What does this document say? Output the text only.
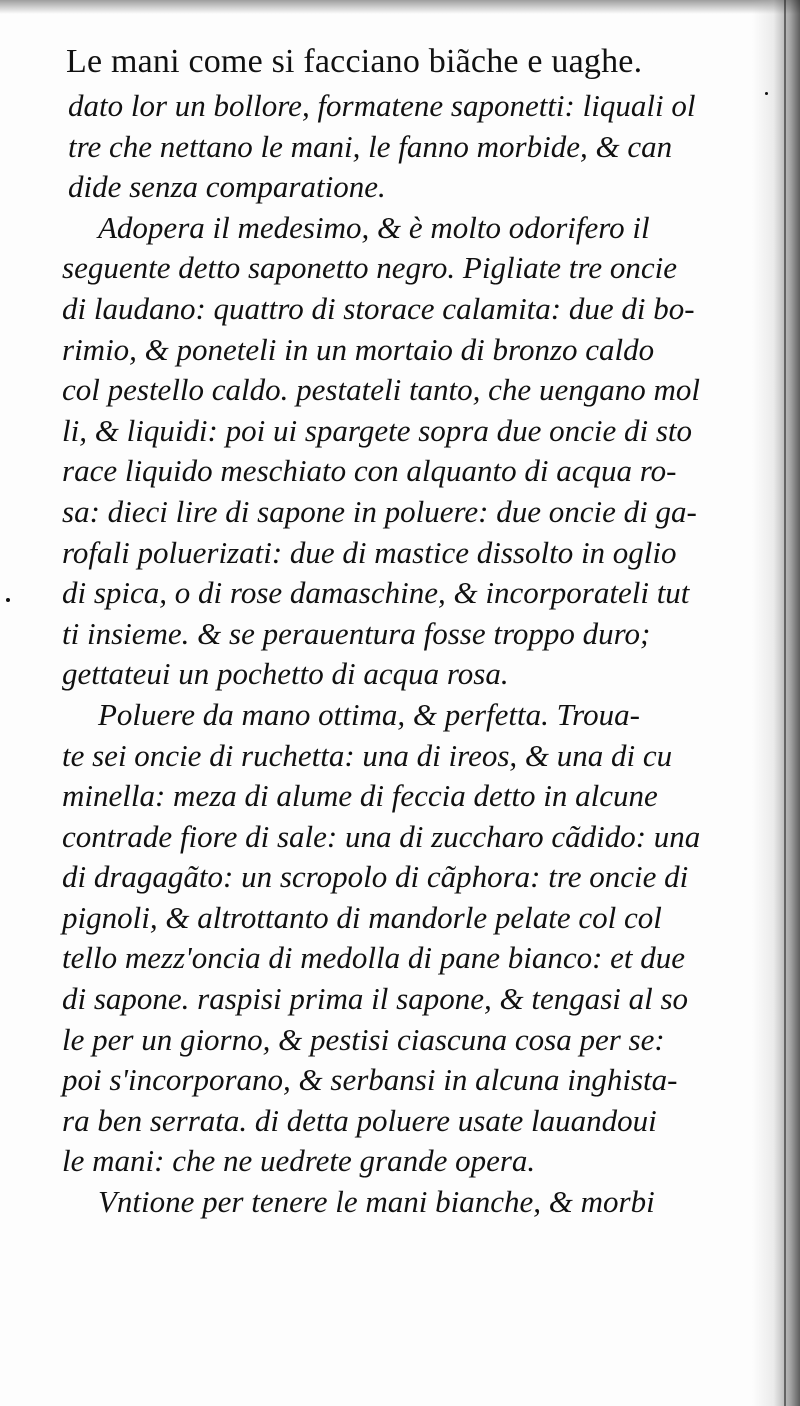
Le mani come si facciano biãche e uaghe.
dato lor un bollore, formatene saponetti: liquali ol
tre che nettano le mani, le fanno morbide, & can
dide senza comparatione.
Adopera il medesimo, & è molto odorifero il
seguente detto saponetto negro. Pigliate tre oncie
di laudano: quattro di storace calamita: due di bo-
rimio, & poneteli in un mortaio di bronzo caldo
col pestello caldo. pestateli tanto, che uengano mol
li, & liquidi: poi ui spargete sopra due oncie di sto
race liquido meschiato con alquanto di acqua ro-
sa: dieci lire di sapone in poluere: due oncie di ga-
rofali poluerizati: due di mastice dissolto in oglio
di spica, o di rose damaschine, & incorporateli tut
ti insieme. & se perauentura fosse troppo duro;
gettateui un pochetto di acqua rosa.
Poluere da mano ottima, & perfetta. Troua-
te sei oncie di ruchetta: una di ireos, & una di cu
minella: meza di alume di feccia detto in alcune
contrade fiore di sale: una di zucchаro cãdido: una
di dragagãto: un scropolo di cãphora: tre oncie di
pignoli, & altrottanto di mandorle pelate col col
tello mezz'oncia di medolla di pane bianco: et due
di sapone. raspisi prima il sapone, & tengasi al so
le per un giorno, & pestisi ciascuna cosa per se:
poi s'incorporano, & serbansi in alcuna inghista-
ra ben serrata. di detta poluere usate lauandoui
le mani: che ne uedrete grande opera.
Vntione per tenere le mani bianche, & morbi
